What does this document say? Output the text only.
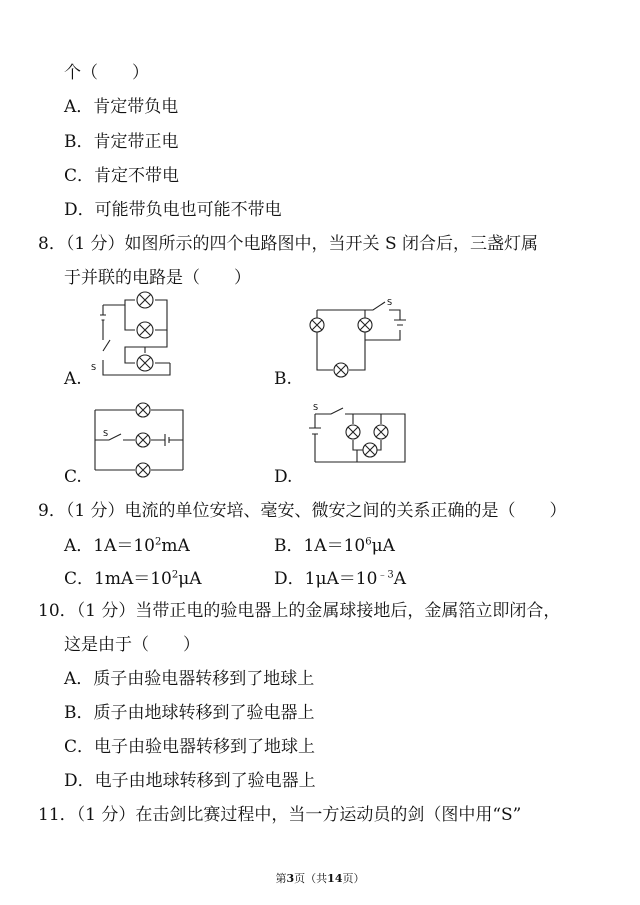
个（　　）
A．肯定带负电
B．肯定带正电
C．肯定不带电
D．可能带负电也可能不带电
8．（1 分）如图所示的四个电路图中，当开关 S 闭合后，三盏灯属
于并联的电路是（　　）
A.	B.
C.	D.
S
S
S
S
9．（1 分）电流的单位安培、毫安、微安之间的关系正确的是（　　）
A．$1A=10^2mA$	B．$1A=10^6\mu A$
C．$1mA=10^2\mu A$	D．$1\mu A=10^{﹣3}A$
10．（1 分）当带正电的验电器上的金属球接地后，金属箔立即闭合，
这是由于（　　）
A．质子由验电器转移到了地球上
B．质子由地球转移到了验电器上
C．电子由验电器转移到了地球上
D．电子由地球转移到了验电器上
11．（1 分）在击剑比赛过程中，当一方运动员的剑（图中用“S”
第3页（共14页）
